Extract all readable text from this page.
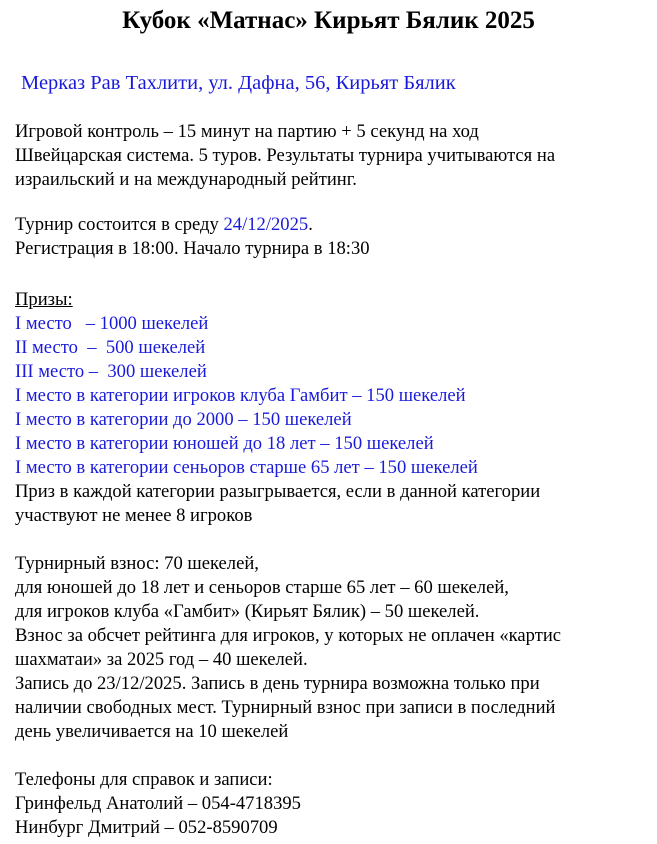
Кубок «Матнас» Кирьят Бялик 2025

Мерказ Рав Тахлити, ул. Дафна, 56, Кирьят Бялик

Игровой контроль – 15 минут на партию + 5 секунд на ход
Швейцарская система. 5 туров. Результаты турнира учитываются на
израильский и на международный рейтинг.
Турнир состоится в среду 24/12/2025.
Регистрация в 18:00. Начало турнира в 18:30
Призы:
I место   – 1000 шекелей
II место  –  500 шекелей
III место –  300 шекелей
I место в категории игроков клуба Гамбит – 150 шекелей
I место в категории до 2000 – 150 шекелей
I место в категории юношей до 18 лет – 150 шекелей
I место в категории сеньоров старше 65 лет – 150 шекелей
Приз в каждой категории разыгрывается, если в данной категории
участвуют не менее 8 игроков
Турнирный взнос: 70 шекелей,
для юношей до 18 лет и сеньоров старше 65 лет – 60 шекелей,
для игроков клуба «Гамбит» (Кирьят Бялик) – 50 шекелей.
Взнос за обсчет рейтинга для игроков, у которых не оплачен «картис
шахматаи» за 2025 год – 40 шекелей.
Запись до 23/12/2025. Запись в день турнира возможна только при
наличии свободных мест. Турнирный взнос при записи в последний
день увеличивается на 10 шекелей
Телефоны для справок и записи:
Гринфельд Анатолий – 054-4718395
Нинбург Дмитрий – 052-8590709
